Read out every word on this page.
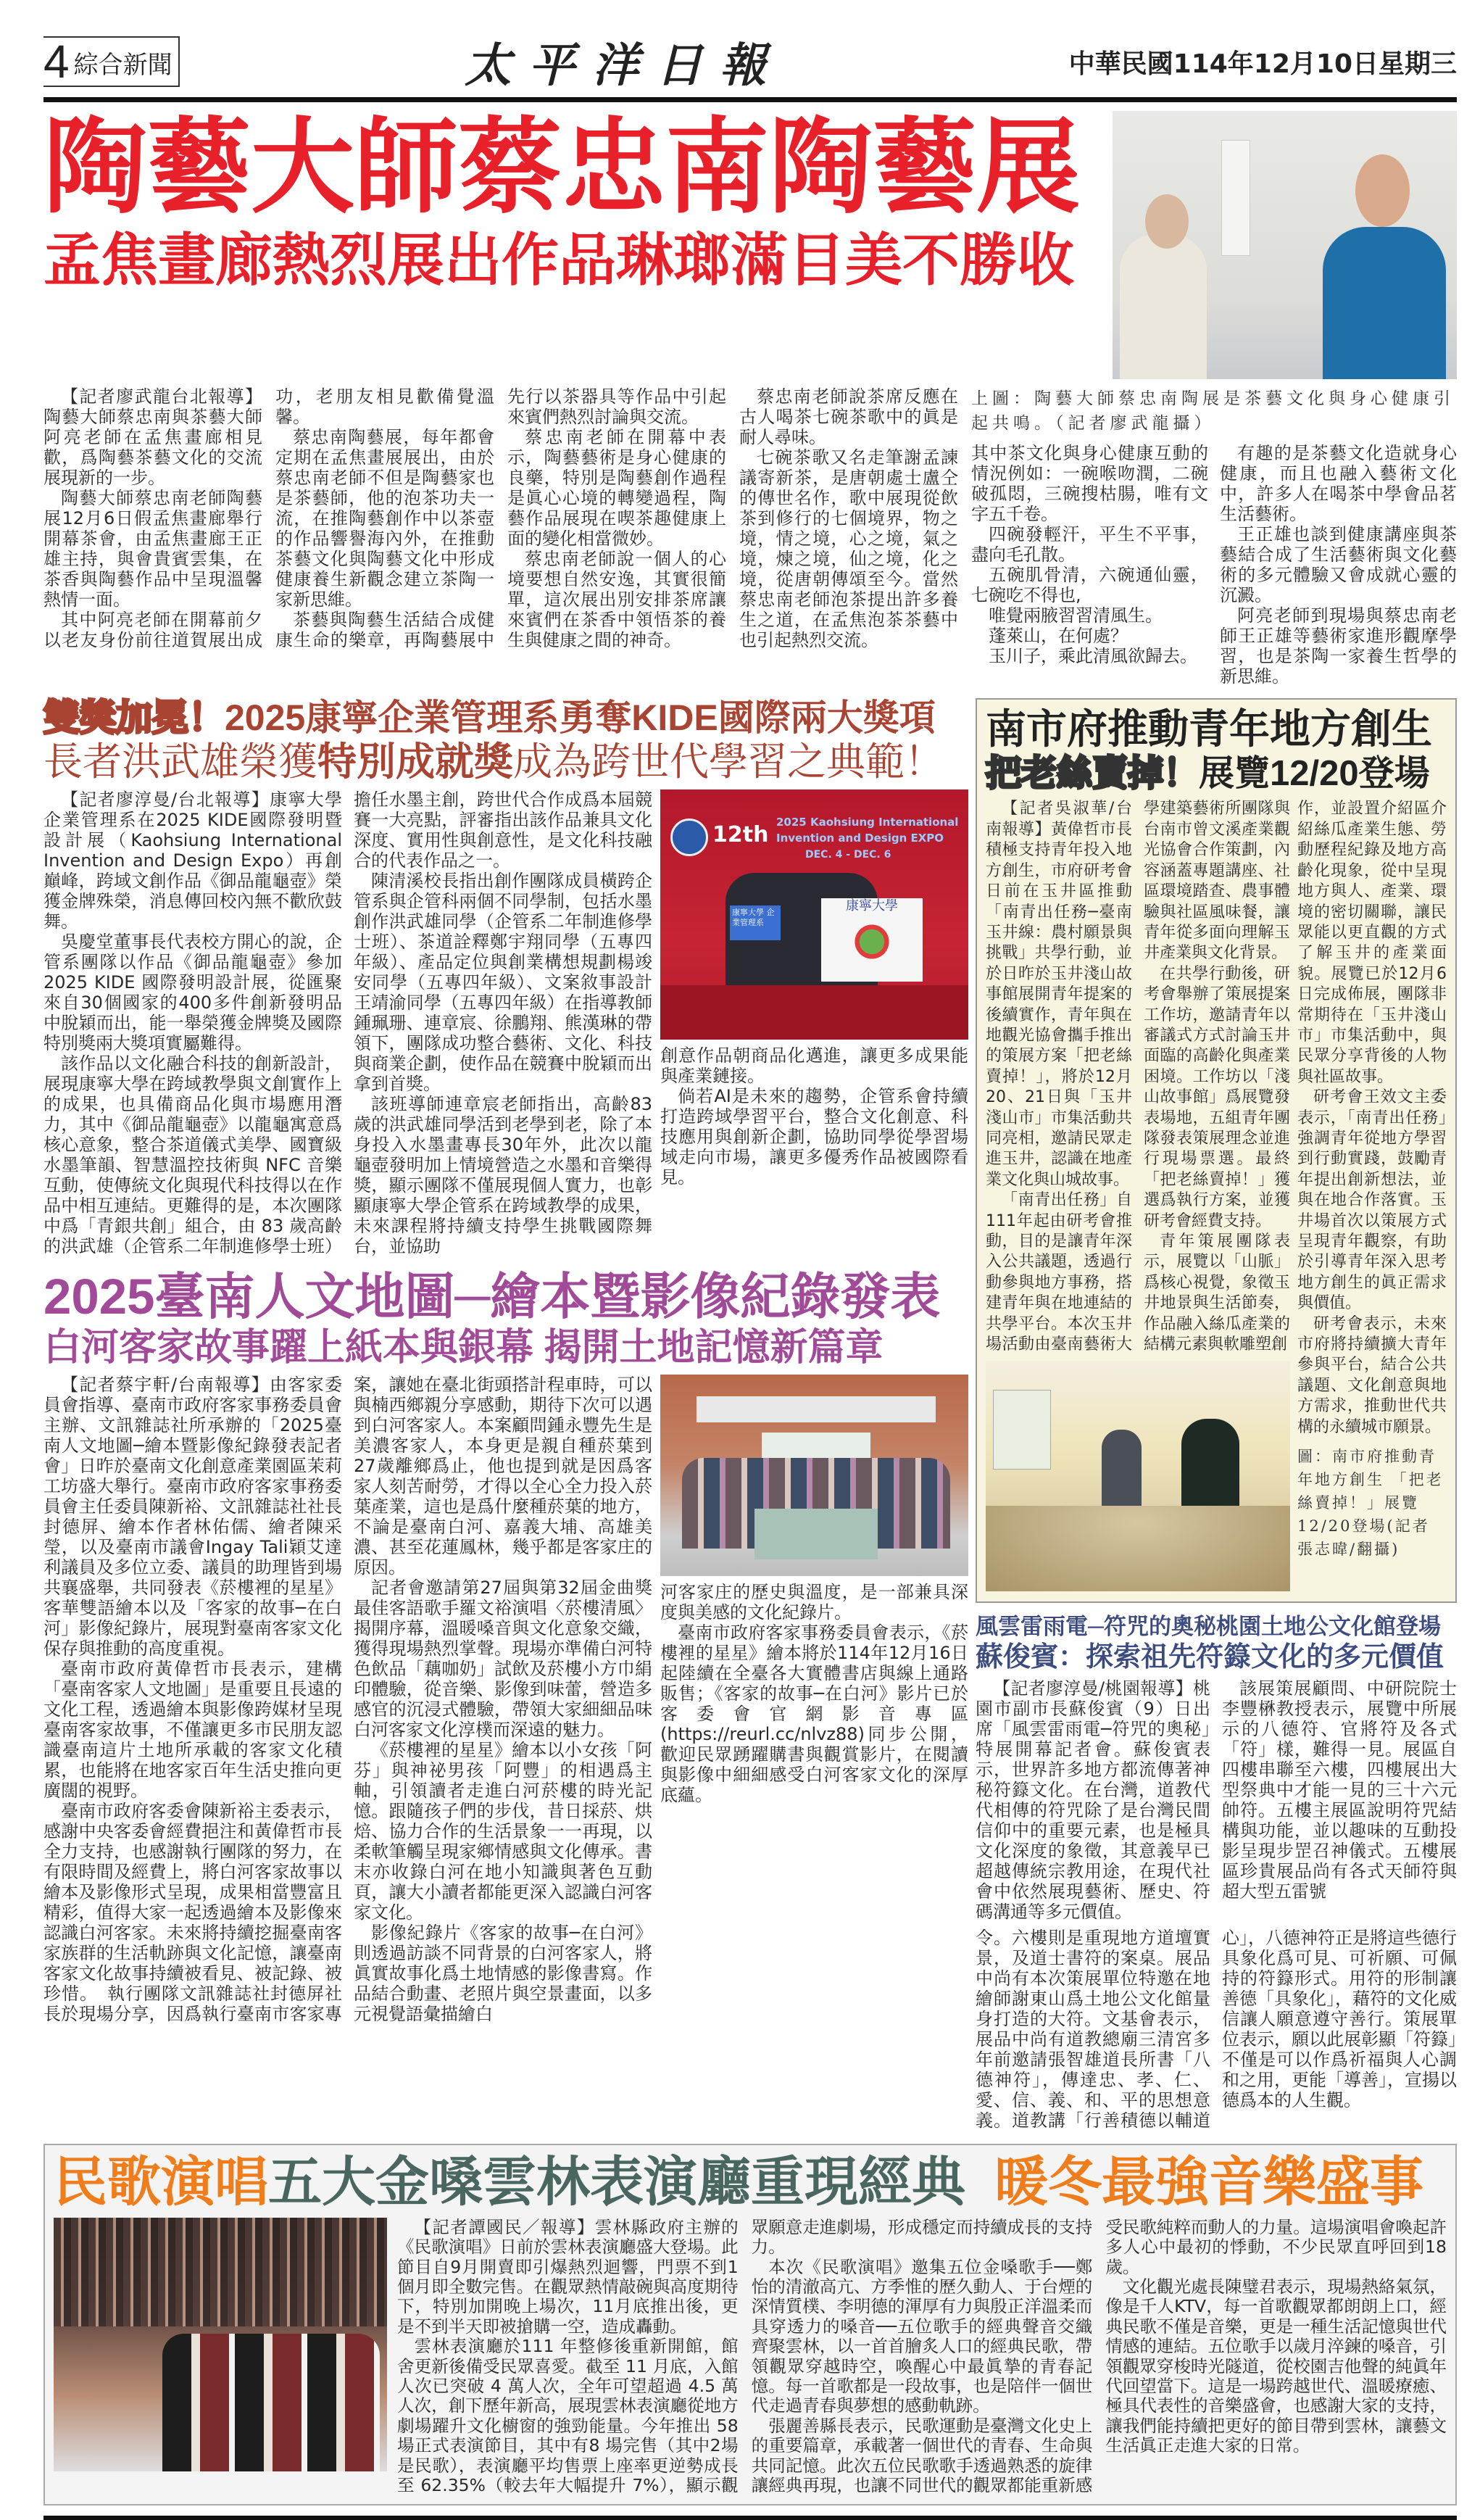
4 綜合新聞	太平洋日報	中華民國114年12月10日星期三
陶藝大師蔡忠南陶藝展
孟焦畫廊熱烈展出作品琳瑯滿目美不勝收

【記者廖武龍台北報導】陶藝大師蔡忠南與茶藝大師阿亮老師在孟焦畫廊相見歡，爲陶藝茶藝文化的交流展現新的一步。

陶藝大師蔡忠南老師陶藝展12月6日假孟焦畫廊舉行開幕茶會，由孟焦畫廊王正雄主持，與會貴賓雲集，在茶香與陶藝作品中呈現溫馨熱情一面。

其中阿亮老師在開幕前夕以老友身份前往道賀展出成功，老朋友相見歡備覺溫馨。

蔡忠南陶藝展，每年都會定期在孟焦畫展展出，由於蔡忠南老師不但是陶藝家也是茶藝師，他的泡茶功夫一流，在推陶藝創作中以茶壺的作品響譽海內外，在推動茶藝文化與陶藝文化中形成健康養生新觀念建立茶陶一家新思維。

茶藝與陶藝生活結合成健康生命的樂章，再陶藝展中先行以茶器具等作品中引起來賓們熱烈討論與交流。

蔡忠南老師在開幕中表示，陶藝藝術是身心健康的良藥，特別是陶藝創作過程是眞心心境的轉變過程，陶藝作品展現在喫茶趣健康上面的變化相當微妙。

蔡忠南老師說一個人的心境要想自然安逸，其實很簡單，這次展出別安排茶席讓來賓們在茶香中領悟茶的養生與健康之間的神奇。

蔡忠南老師說茶席反應在古人喝茶七碗茶歌中的眞是耐人尋味。

七碗茶歌又名走筆謝孟諫議寄新茶，是唐朝處士盧仝的傳世名作，歌中展現從飲茶到修行的七個境界，物之境，情之境，心之境，氣之境，煉之境，仙之境，化之境，從唐朝傳頌至今。當然蔡忠南老師泡茶提出許多養生之道，在孟焦泡茶茶藝中也引起熱烈交流。

上圖：陶藝大師蔡忠南陶展是茶藝文化與身心健康引起共鳴。（記者廖武龍攝）

其中茶文化與身心健康互動的情況例如：一碗喉吻潤，二碗破孤悶，三碗搜枯腸，唯有文字五千卷。

四碗發輕汗，平生不平事，盡向毛孔散。

五碗肌骨清，六碗通仙靈，七碗吃不得也,

唯覺兩腋習習清風生。

蓬萊山，在何處？

玉川子，乘此清風欲歸去。

有趣的是茶藝文化造就身心健康，而且也融入藝術文化中，許多人在喝茶中學會品茗生活藝術。

王正雄也談到健康講座與茶藝結合成了生活藝術與文化藝術的多元體驗又會成就心靈的沉澱。

阿亮老師到現場與蔡忠南老師王正雄等藝術家進形觀摩學習，也是茶陶一家養生哲學的新思維。

雙獎加冕！2025康寧企業管理系勇奪KIDE國際兩大獎項
長者洪武雄榮獲特別成就獎成為跨世代學習之典範！

【記者廖淳曼/台北報導】康寧大學企業管理系在2025 KIDE國際發明暨設計展（Kaohsiung International Invention and Design Expo）再創巔峰，跨域文創作品《御品龍龜壺》榮獲金牌殊榮，消息傳回校內無不歡欣鼓舞。

吳慶堂董事長代表校方開心的說，企管系團隊以作品《御品龍龜壺》參加 2025 KIDE 國際發明設計展，從匯聚來自30個國家的400多件創新發明品中脫穎而出，能一舉榮獲金牌獎及國際特別獎兩大獎項實屬難得。

該作品以文化融合科技的創新設計，展現康寧大學在跨域教學與文創實作上的成果，也具備商品化與市場應用潛力，其中《御品龍龜壺》以龍龜寓意爲核心意象，整合茶道儀式美學、國寶級水墨筆韻、智慧溫控技術與 NFC 音樂互動，使傳統文化與現代科技得以在作品中相互連結。更難得的是，本次團隊中爲「青銀共創」組合，由 83 歲高齡的洪武雄（企管系二年制進修學士班）擔任水墨主創，跨世代合作成爲本屆競賽一大亮點，評審指出該作品兼具文化深度、實用性與創意性，是文化科技融合的代表作品之一。

陳清溪校長指出創作團隊成員橫跨企管系與企管科兩個不同學制，包括水墨創作洪武雄同學（企管系二年制進修學士班）、茶道詮釋鄭宇翔同學（五專四年級）、產品定位與創業構想規劃楊竣安同學（五專四年級）、文案敘事設計王靖渝同學（五專四年級）在指導教師鍾珮珊、連章宸、徐鵬翔、熊漢琳的帶領下，團隊成功整合藝術、文化、科技與商業企劃，使作品在競賽中脫穎而出拿到首獎。

該班導師連章宸老師指出，高齡83歲的洪武雄同學活到老學到老，除了本身投入水墨畫專長30年外，此次以龍龜壺發明加上情境營造之水墨和音樂得獎，顯示團隊不僅展現個人實力，也彰顯康寧大學企管系在跨域教學的成果，未來課程將持續支持學生挑戰國際舞台，並協助

12th 2025 Kaohsiung International
Invention and Design EXPO
DEC. 4 - DEC. 6
康寧大學 企業管理系
康寧大學

創意作品朝商品化邁進，讓更多成果能與產業鏈接。

倘若AI是未來的趨勢，企管系會持續打造跨域學習平台，整合文化創意、科技應用與創新企劃，協助同學從學習場域走向市場，讓更多優秀作品被國際看見。

2025臺南人文地圖─繪本暨影像紀錄發表
白河客家故事躍上紙本與銀幕 揭開土地記憶新篇章

【記者蔡宇軒/台南報導】由客家委員會指導、臺南市政府客家事務委員會主辦、文訊雜誌社所承辦的「2025臺南人文地圖─繪本暨影像紀錄發表記者會」日昨於臺南文化創意產業園區茉莉工坊盛大舉行。臺南市政府客家事務委員會主任委員陳新裕、文訊雜誌社社長封德屏、繪本作者林佑儒、繪者陳采瑩，以及臺南市議會Ingay Tali穎艾達利議員及多位立委、議員的助理皆到場共襄盛舉，共同發表《菸樓裡的星星》客華雙語繪本以及「客家的故事─在白河」影像紀錄片，展現對臺南客家文化保存與推動的高度重視。

臺南市政府黃偉哲市長表示，建構「臺南客家人文地圖」是重要且長遠的文化工程，透過繪本與影像跨媒材呈現臺南客家故事，不僅讓更多市民朋友認識臺南這片土地所承載的客家文化積累，也能將在地客家百年生活史推向更廣闊的視野。

臺南市政府客委會陳新裕主委表示，感謝中央客委會經費挹注和黃偉哲市長全力支持，也感謝執行團隊的努力，在有限時間及經費上，將白河客家故事以繪本及影像形式呈現，成果相當豐富且精彩，值得大家一起透過繪本及影像來認識白河客家。未來將持續挖掘臺南客家族群的生活軌跡與文化記憶，讓臺南客家文化故事持續被看見、被記錄、被珍惜。　執行團隊文訊雜誌社封德屏社長於現場分享，因爲執行臺南市客家專案，讓她在臺北街頭搭計程車時，可以與楠西鄉親分享感動，期待下次可以遇到白河客家人。本案顧問鍾永豐先生是美濃客家人，本身更是親自種菸葉到27歲離鄉爲止，他也提到就是因爲客家人刻苦耐勞，才得以全心全力投入菸葉產業，這也是爲什麼種菸葉的地方，不論是臺南白河、嘉義大埔、高雄美濃、甚至花蓮鳳林，幾乎都是客家庄的原因。

記者會邀請第27屆與第32屆金曲獎最佳客語歌手羅文裕演唱〈菸樓清風〉揭開序幕，溫暖嗓音與文化意象交織，獲得現場熱烈掌聲。現場亦準備白河特色飲品「藕咖奶」試飲及菸樓小方巾絹印體驗，從音樂、影像到味蕾，營造多感官的沉浸式體驗，帶領大家細細品味白河客家文化淳樸而深遠的魅力。

《菸樓裡的星星》繪本以小女孩「阿芬」與神祕男孩「阿豐」的相遇爲主軸，引領讀者走進白河菸樓的時光記憶。跟隨孩子們的步伐，昔日採菸、烘焙、協力合作的生活景象一一再現，以柔軟筆觸呈現家鄉情感與文化傳承。書末亦收錄白河在地小知識與著色互動頁，讓大小讀者都能更深入認識白河客家文化。

影像紀錄片《客家的故事─在白河》則透過訪談不同背景的白河客家人，將眞實故事化爲土地情感的影像書寫。作品結合動畫、老照片與空景畫面，以多元視覺語彙描繪白

河客家庄的歷史與溫度，是一部兼具深度與美感的文化紀錄片。

臺南市政府客家事務委員會表示，《菸樓裡的星星》繪本將於114年12月16日起陸續在全臺各大實體書店與線上通路販售；《客家的故事─在白河》影片已於客委會官網影音專區(https://reurl.cc/nlvz88)同步公開，歡迎民眾踴躍購書與觀賞影片，在閱讀與影像中細細感受白河客家文化的深厚底蘊。

南市府推動青年地方創生
把老絲賣掉！展覽12/20登場

【記者吳淑華/台南報導】黃偉哲市長積極支持青年投入地方創生，市府研考會日前在玉井區推動「南青出任務─臺南玉井線：農村願景與挑戰」共學行動，並於日昨於玉井淺山故事館展開青年提案的後續實作，青年與在地觀光協會攜手推出的策展方案「把老絲賣掉！」，將於12月20、21日與「玉井淺山市」市集活動共同亮相，邀請民眾走進玉井，認識在地產業文化與山城故事。

「南青出任務」自111年起由研考會推動，目的是讓青年深入公共議題，透過行動參與地方事務，搭建青年與在地連結的共學平台。本次玉井場活動由臺南藝術大學建築藝術所團隊與台南市曾文溪產業觀光協會合作策劃，內容涵蓋專題講座、社區環境踏查、農事體驗與社區風味餐，讓青年從多面向理解玉井產業與文化背景。

在共學行動後，研考會舉辦了策展提案工作坊，邀請青年以審議式方式討論玉井面臨的高齡化與產業困境。工作坊以「淺山故事館」爲展覽發表場地，五組青年團隊發表策展理念並進行現場票選。最終「把老絲賣掉！」獲選爲執行方案，並獲研考會經費支持。

青年策展團隊表示，展覽以「山脈」爲核心視覺，象徵玉井地景與生活節奏，作品融入絲瓜產業的結構元素與軟雕塑創

作，並設置介紹區介紹絲瓜產業生態、勞動歷程紀錄及地方高齡化現象，從中呈現地方與人、產業、環境的密切關聯，讓民眾能以更直觀的方式了解玉井的產業面貌。展覽已於12月6日完成佈展，團隊非常期待在「玉井淺山市」市集活動中，與民眾分享背後的人物與社區故事。

研考會王效文主委表示，「南青出任務」強調青年從地方學習到行動實踐，鼓勵青年提出創新想法，並與在地合作落實。玉井場首次以策展方式呈現青年觀察，有助於引導青年深入思考地方創生的眞正需求與價值。

研考會表示，未來市府將持續擴大青年參與平台，結合公共議題、文化創意與地方需求，推動世代共構的永續城市願景。

圖：南市府推動青年地方創生 「把老絲賣掉！」展覽12/20登場(記者張志暐/翻攝)
風雲雷雨電─符咒的奧秘桃園土地公文化館登場
蘇俊賓：探索祖先符籙文化的多元價值

【記者廖淳曼/桃園報導】桃園市副市長蘇俊賓（9）日出席「風雲雷雨電─符咒的奧秘」特展開幕記者會。蘇俊賓表示，世界許多地方都流傳著神秘符籙文化。在台灣，道教代代相傳的符咒除了是台灣民間信仰中的重要元素，也是極具文化深度的象徵，其意義早已超越傳統宗教用途，在現代社會中依然展現藝術、歷史、符碼溝通等多元價值。

該展策展顧問、中研院院士李豐楙教授表示，展覽中所展示的八德符、官將符及各式「符」樣，難得一見。展區自四樓串聯至六樓，四樓展出大型祭典中才能一見的三十六元帥符。五樓主展區說明符咒結構與功能，並以趣味的互動投影呈現步罡召神儀式。五樓展區珍貴展品尚有各式天師符與超大型五雷號

令。六樓則是重現地方道壇實景，及道士書符的案桌。展品中尚有本次策展單位特邀在地繪師謝東山爲土地公文化館量身打造的大符。文基會表示，展品中尚有道教總廟三清宮多年前邀請張智雄道長所書「八德神符」，傳達忠、孝、仁、愛、信、義、和、平的思想意義。道教講「行善積德以輔道心」，八德神符正是將這些德行具象化爲可見、可祈願、可佩持的符籙形式。用符的形制讓善德「具象化」，藉符的文化威信讓人願意遵守善行。策展單位表示，願以此展彰顯「符籙」不僅是可以作爲祈福與人心調和之用，更能「導善」，宣揚以德爲本的人生觀。

民歌演唱五大金嗓雲林表演廳重現經典 暖冬最強音樂盛事

【記者譚國民／報導】雲林縣政府主辦的《民歌演唱》日前於雲林表演廳盛大登場。此節目自9月開賣即引爆熱烈迴響，門票不到1個月即全數完售。在觀眾熱情敲碗與高度期待下，特別加開晚上場次，11月底推出後，更是不到半天即被搶購一空，造成轟動。

雲林表演廳於111 年整修後重新開館，館舍更新後備受民眾喜愛。截至 11 月底，入館人次已突破 4 萬人次，全年可望超過 4.5 萬人次，創下歷年新高，展現雲林表演廳從地方劇場躍升文化櫥窗的強勁能量。今年推出 58 場正式表演節目，其中有8 場完售（其中2場是民歌），表演廳平均售票上座率更逆勢成長至 62.35%（較去年大幅提升 7%），顯示觀眾願意走進劇場，形成穩定而持續成長的支持力。

本次《民歌演唱》邀集五位金嗓歌手──鄭怡的清澈高亢、方季惟的歷久動人、于台煙的深情質樸、李明德的渾厚有力與殷正洋溫柔而具穿透力的嗓音──五位歌手的經典聲音交織齊聚雲林，以一首首膾炙人口的經典民歌，帶領觀眾穿越時空，喚醒心中最眞摯的青春記憶。每一首歌都是一段故事，也是陪伴一個世代走過青春與夢想的感動軌跡。

張麗善縣長表示，民歌運動是臺灣文化史上的重要篇章，承載著一個世代的青春、生命與共同記憶。此次五位民歌歌手透過熟悉的旋律讓經典再現，也讓不同世代的觀眾都能重新感受民歌純粹而動人的力量。這場演唱會喚起許多人心中最初的悸動，不少民眾直呼回到18歲。

文化觀光處長陳璧君表示，現場熱絡氣氛，像是千人KTV，每一首歌觀眾都朗朗上口，經典民歌不僅是音樂，更是一種生活記憶與世代情感的連結。五位歌手以歲月淬鍊的嗓音，引領觀眾穿梭時光隧道，從校園吉他聲的純眞年代回望當下。這是一場跨越世代、溫暖療癒、極具代表性的音樂盛會，也感謝大家的支持，讓我們能持續把更好的節目帶到雲林，讓藝文生活眞正走進大家的日常。
